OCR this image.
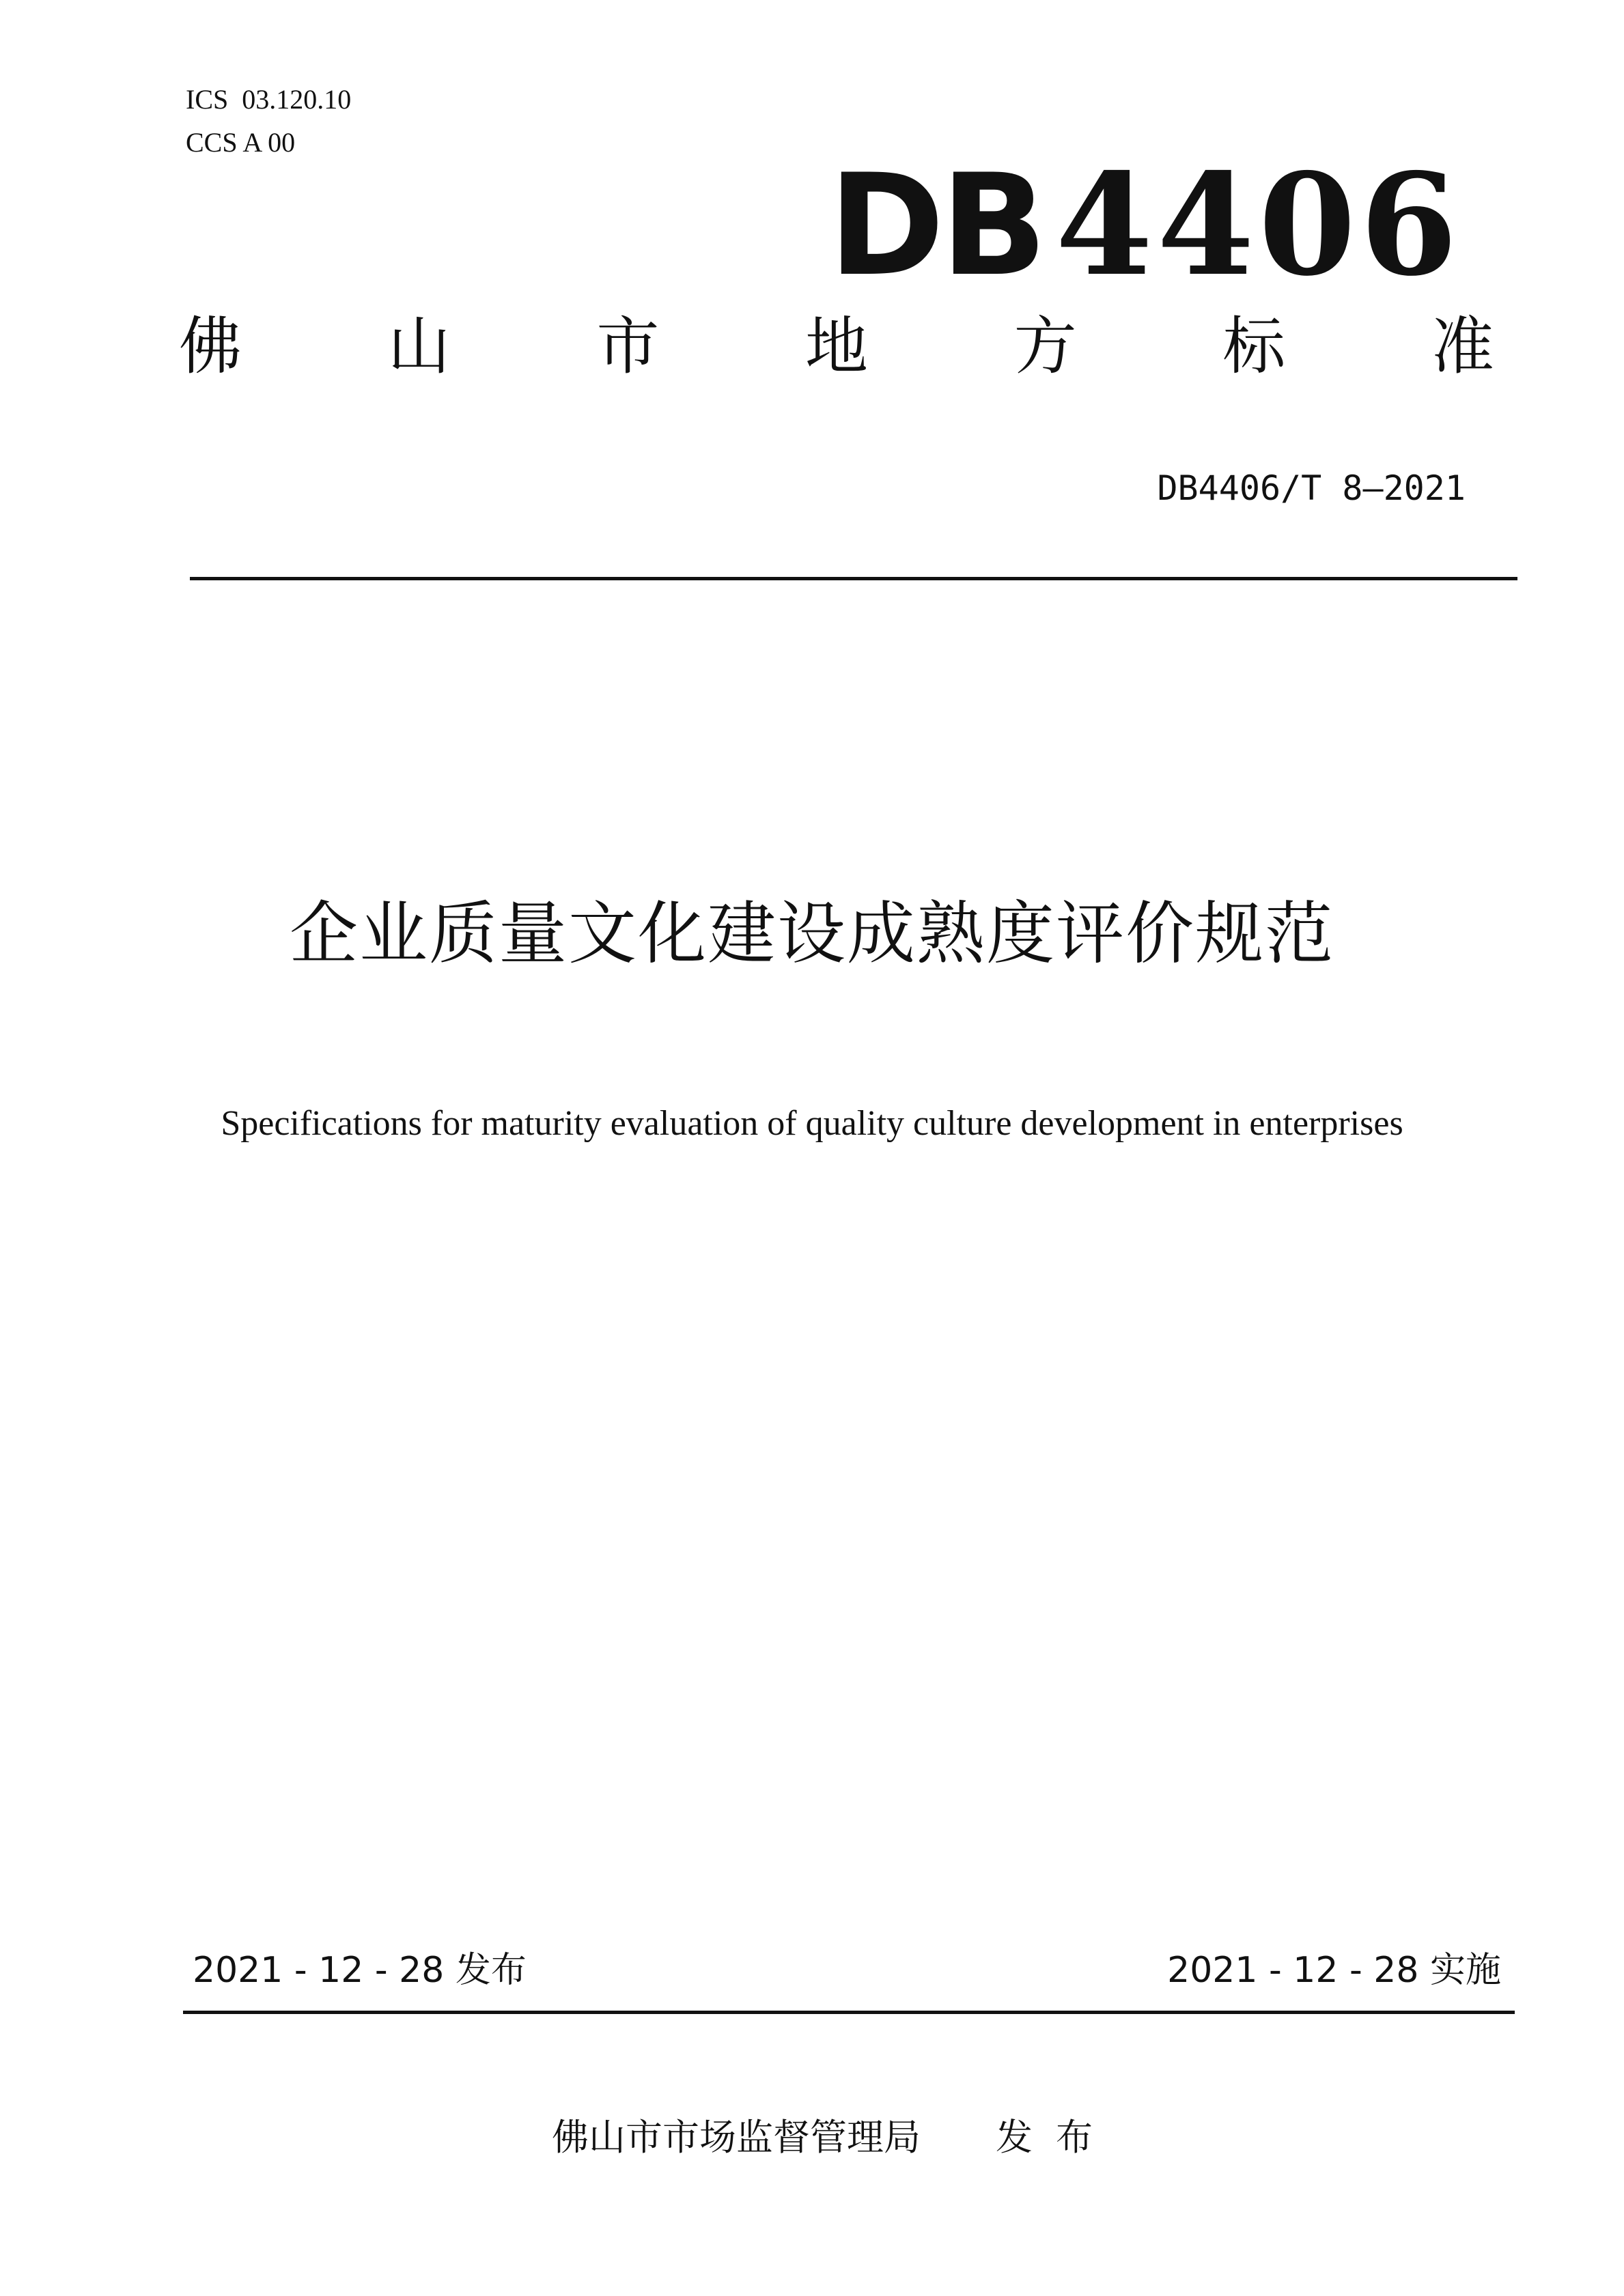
ICS  03.120.10
CCS A 00
DB4406
佛 山 市 地 方 标 准
DB4406/T 8—2021
企业质量文化建设成熟度评价规范
Specifications for maturity evaluation of quality culture development in enterprises
2021 - 12 - 28 发布	2021 - 12 - 28 实施
佛山市市场监督管理局 发布
